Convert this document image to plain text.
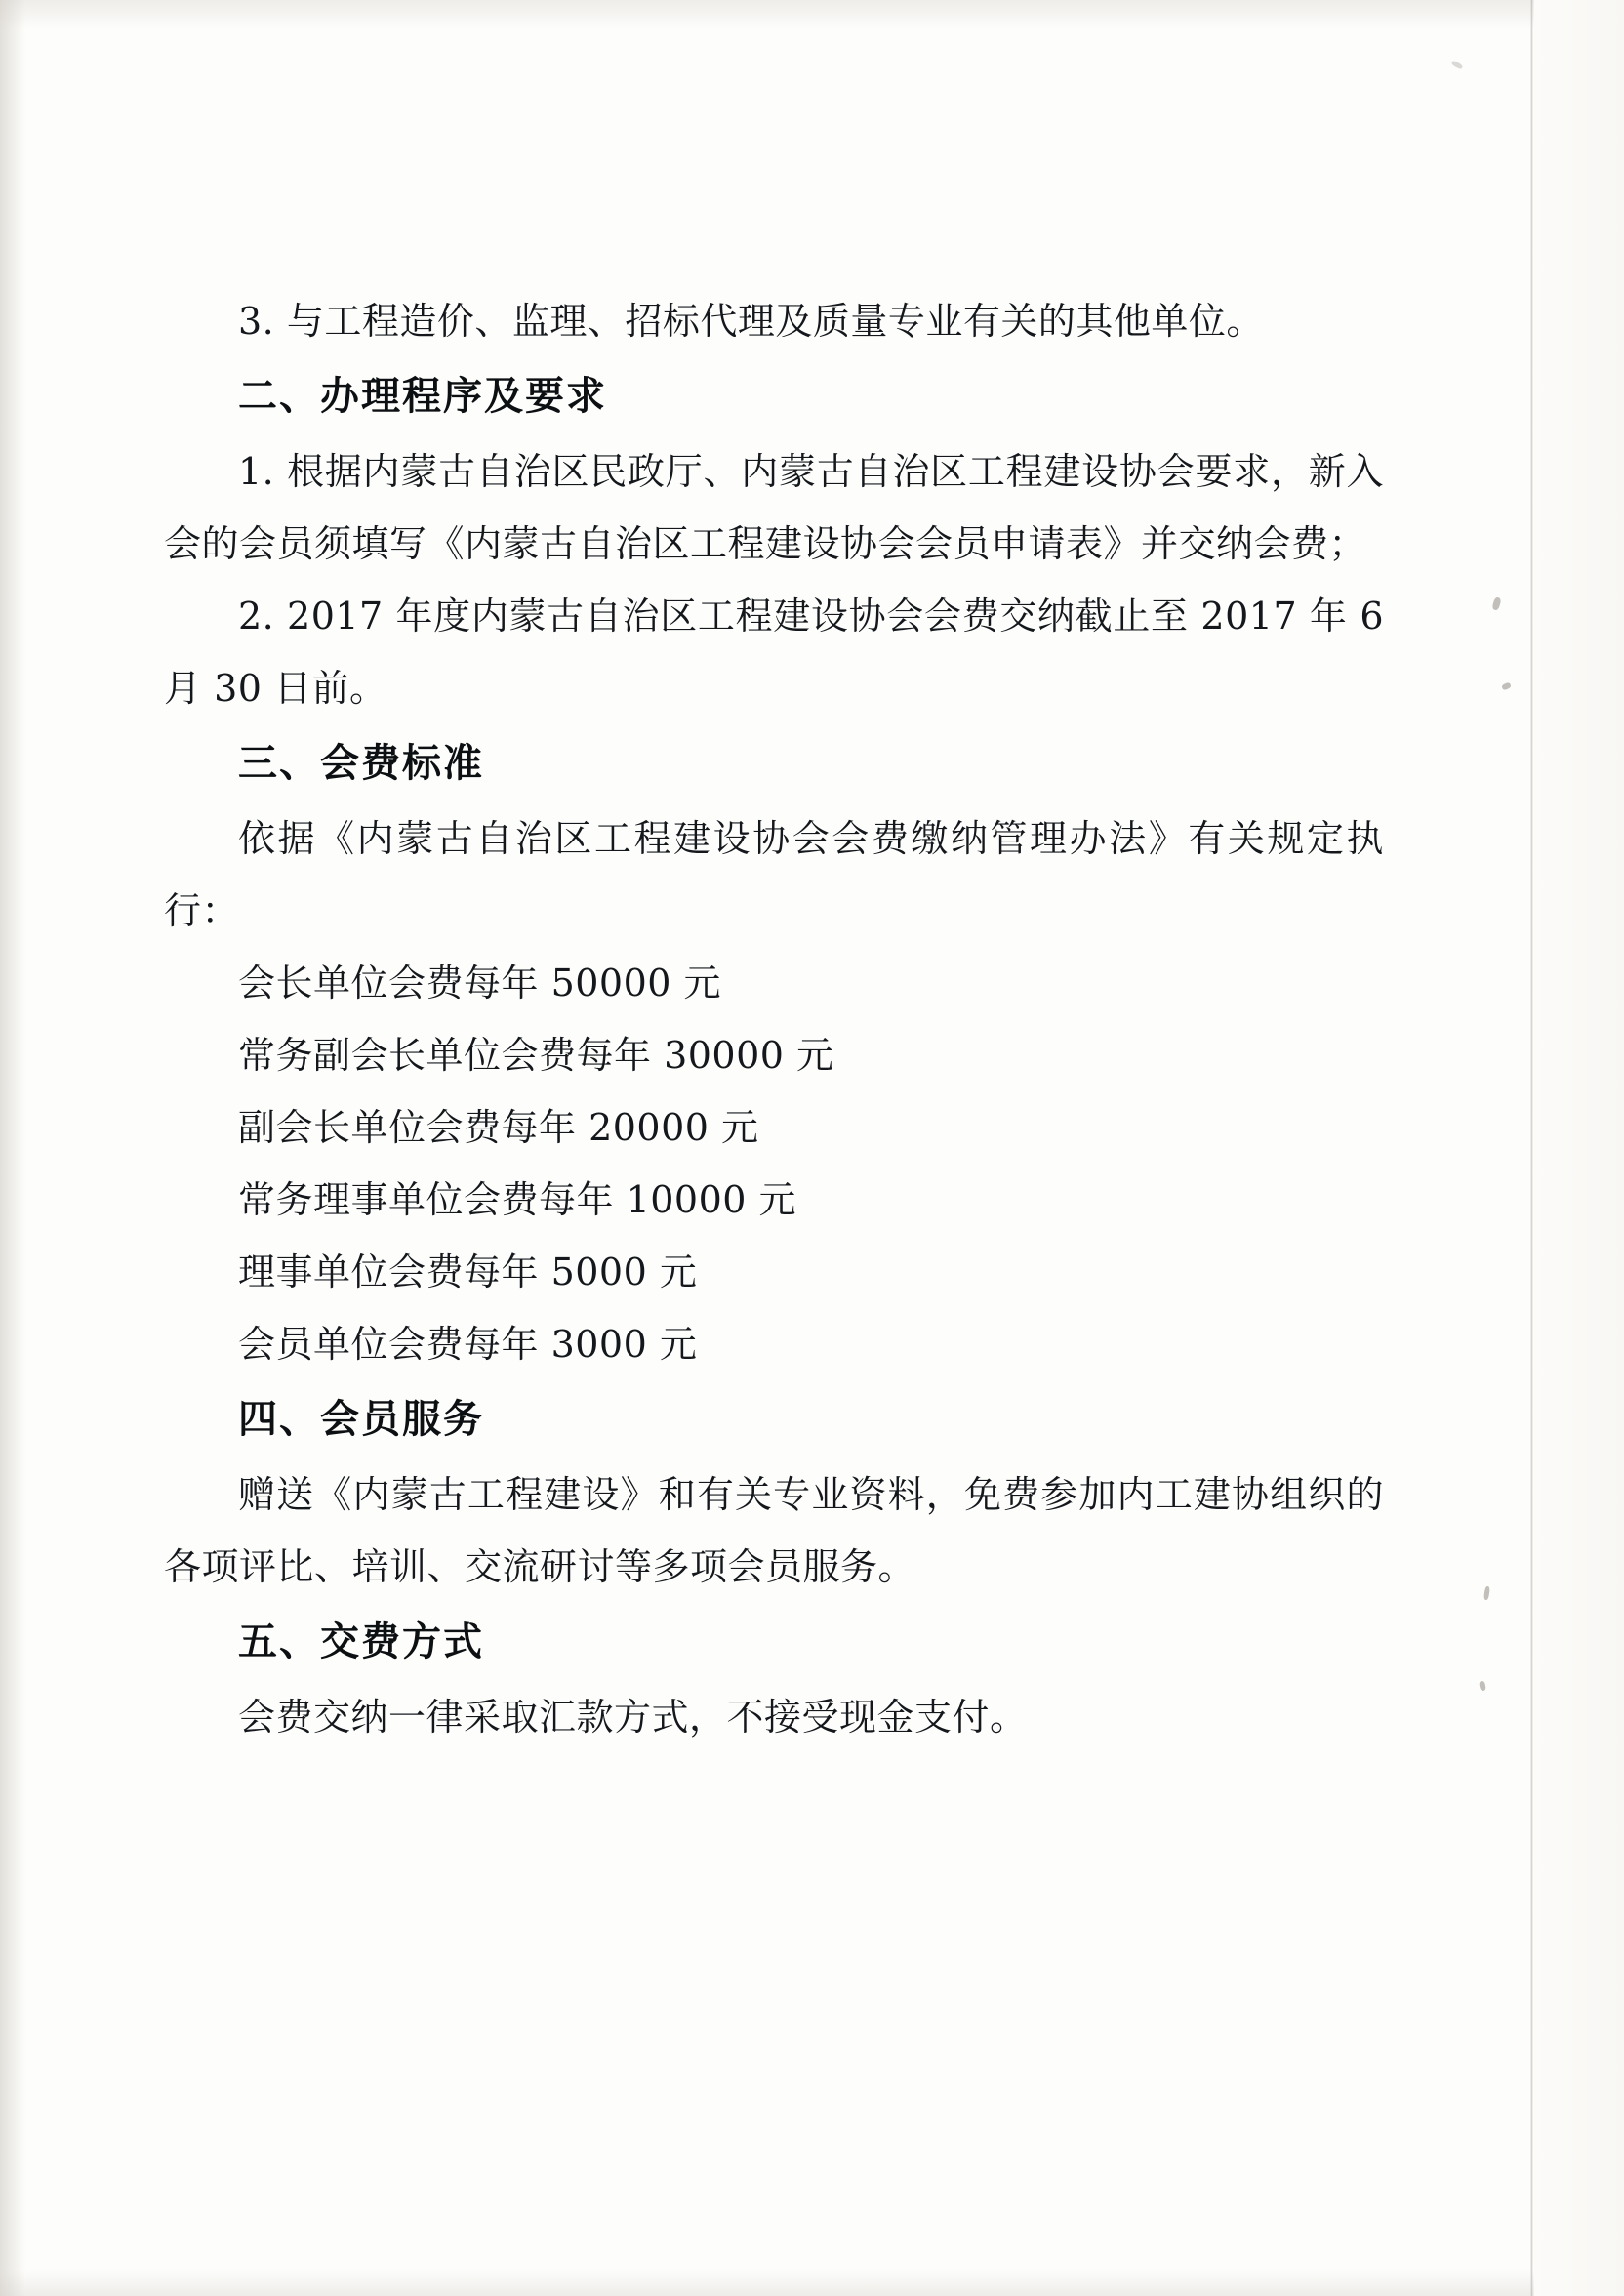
3. 与工程造价、监理、招标代理及质量专业有关的其他单位。

二、办理程序及要求

1. 根据内蒙古自治区民政厅、内蒙古自治区工程建设协会要求，新入会的会员须填写《内蒙古自治区工程建设协会会员申请表》并交纳会费；

2. 2017 年度内蒙古自治区工程建设协会会费交纳截止至 2017 年 6 月 30 日前。

三、会费标准

依据《内蒙古自治区工程建设协会会费缴纳管理办法》有关规定执行：

会长单位会费每年 50000 元

常务副会长单位会费每年 30000 元

副会长单位会费每年 20000 元

常务理事单位会费每年 10000 元

理事单位会费每年 5000 元

会员单位会费每年 3000 元

四、会员服务

赠送《内蒙古工程建设》和有关专业资料，免费参加内工建协组织的各项评比、培训、交流研讨等多项会员服务。

五、交费方式

会费交纳一律采取汇款方式，不接受现金支付。
